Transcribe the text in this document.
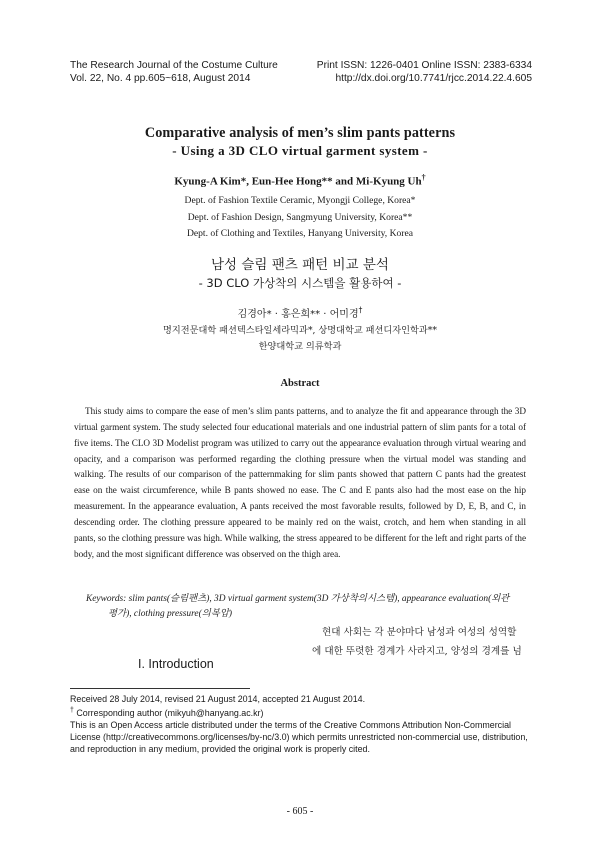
The Research Journal of the Costume Culture
Vol. 22, No. 4 pp.605~618, August 2014
Print ISSN: 1226-0401 Online ISSN: 2383-6334
http://dx.doi.org/10.7741/rjcc.2014.22.4.605
Comparative analysis of men’s slim pants patterns
- Using a 3D CLO virtual garment system -
Kyung-A Kim*, Eun-Hee Hong** and Mi-Kyung Uh†
Dept. of Fashion Textile Ceramic, Myongji College, Korea*
Dept. of Fashion Design, Sangmyung University, Korea**
Dept. of Clothing and Textiles, Hanyang University, Korea
남성 슬림 팬츠 패턴 비교 분석
- 3D CLO 가상착의 시스템을 활용하여 -
김경아* · 홍은희** · 어미경†
명지전문대학 패션텍스타일세라믹과*, 상명대학교 패션디자인학과**
한양대학교 의류학과
Abstract
This study aims to compare the ease of men’s slim pants patterns, and to analyze the fit and appearance through the 3D virtual garment system. The study selected four educational materials and one industrial pattern of slim pants for a total of five items. The CLO 3D Modelist program was utilized to carry out the appearance evaluation through virtual wearing and opacity, and a comparison was performed regarding the clothing pressure when the virtual model was standing and walking. The results of our comparison of the patternmaking for slim pants showed that pattern C pants had the greatest ease on the waist circumference, while B pants showed no ease. The C and E pants also had the most ease on the hip measurement. In the appearance evaluation, A pants received the most favorable results, followed by D, E, B, and C, in descending order. The clothing pressure appeared to be mainly red on the waist, crotch, and hem when standing in all pants, so the clothing pressure was high. While walking, the stress appeared to be different for the left and right parts of the body, and the most significant difference was observed on the thigh area.
Keywords: slim pants(슬림팬츠), 3D virtual garment system(3D 가상착의시스템), appearance evaluation(외관
평가), clothing pressure(의복압)
현대 사회는 각 분야마다 남성과 여성의 성역할
에 대한 뚜렷한 경계가 사라지고, 양성의 경계를 넘
I. Introduction
Received 28 July 2014, revised 21 August 2014, accepted 21 August 2014.
† Corresponding author (mikyuh@hanyang.ac.kr)
This is an Open Access article distributed under the terms of the Creative Commons Attribution Non-Commercial
License (http://creativecommons.org/licenses/by-nc/3.0) which permits unrestricted non-commercial use, distribution,
and reproduction in any medium, provided the original work is properly cited.
- 605 -
